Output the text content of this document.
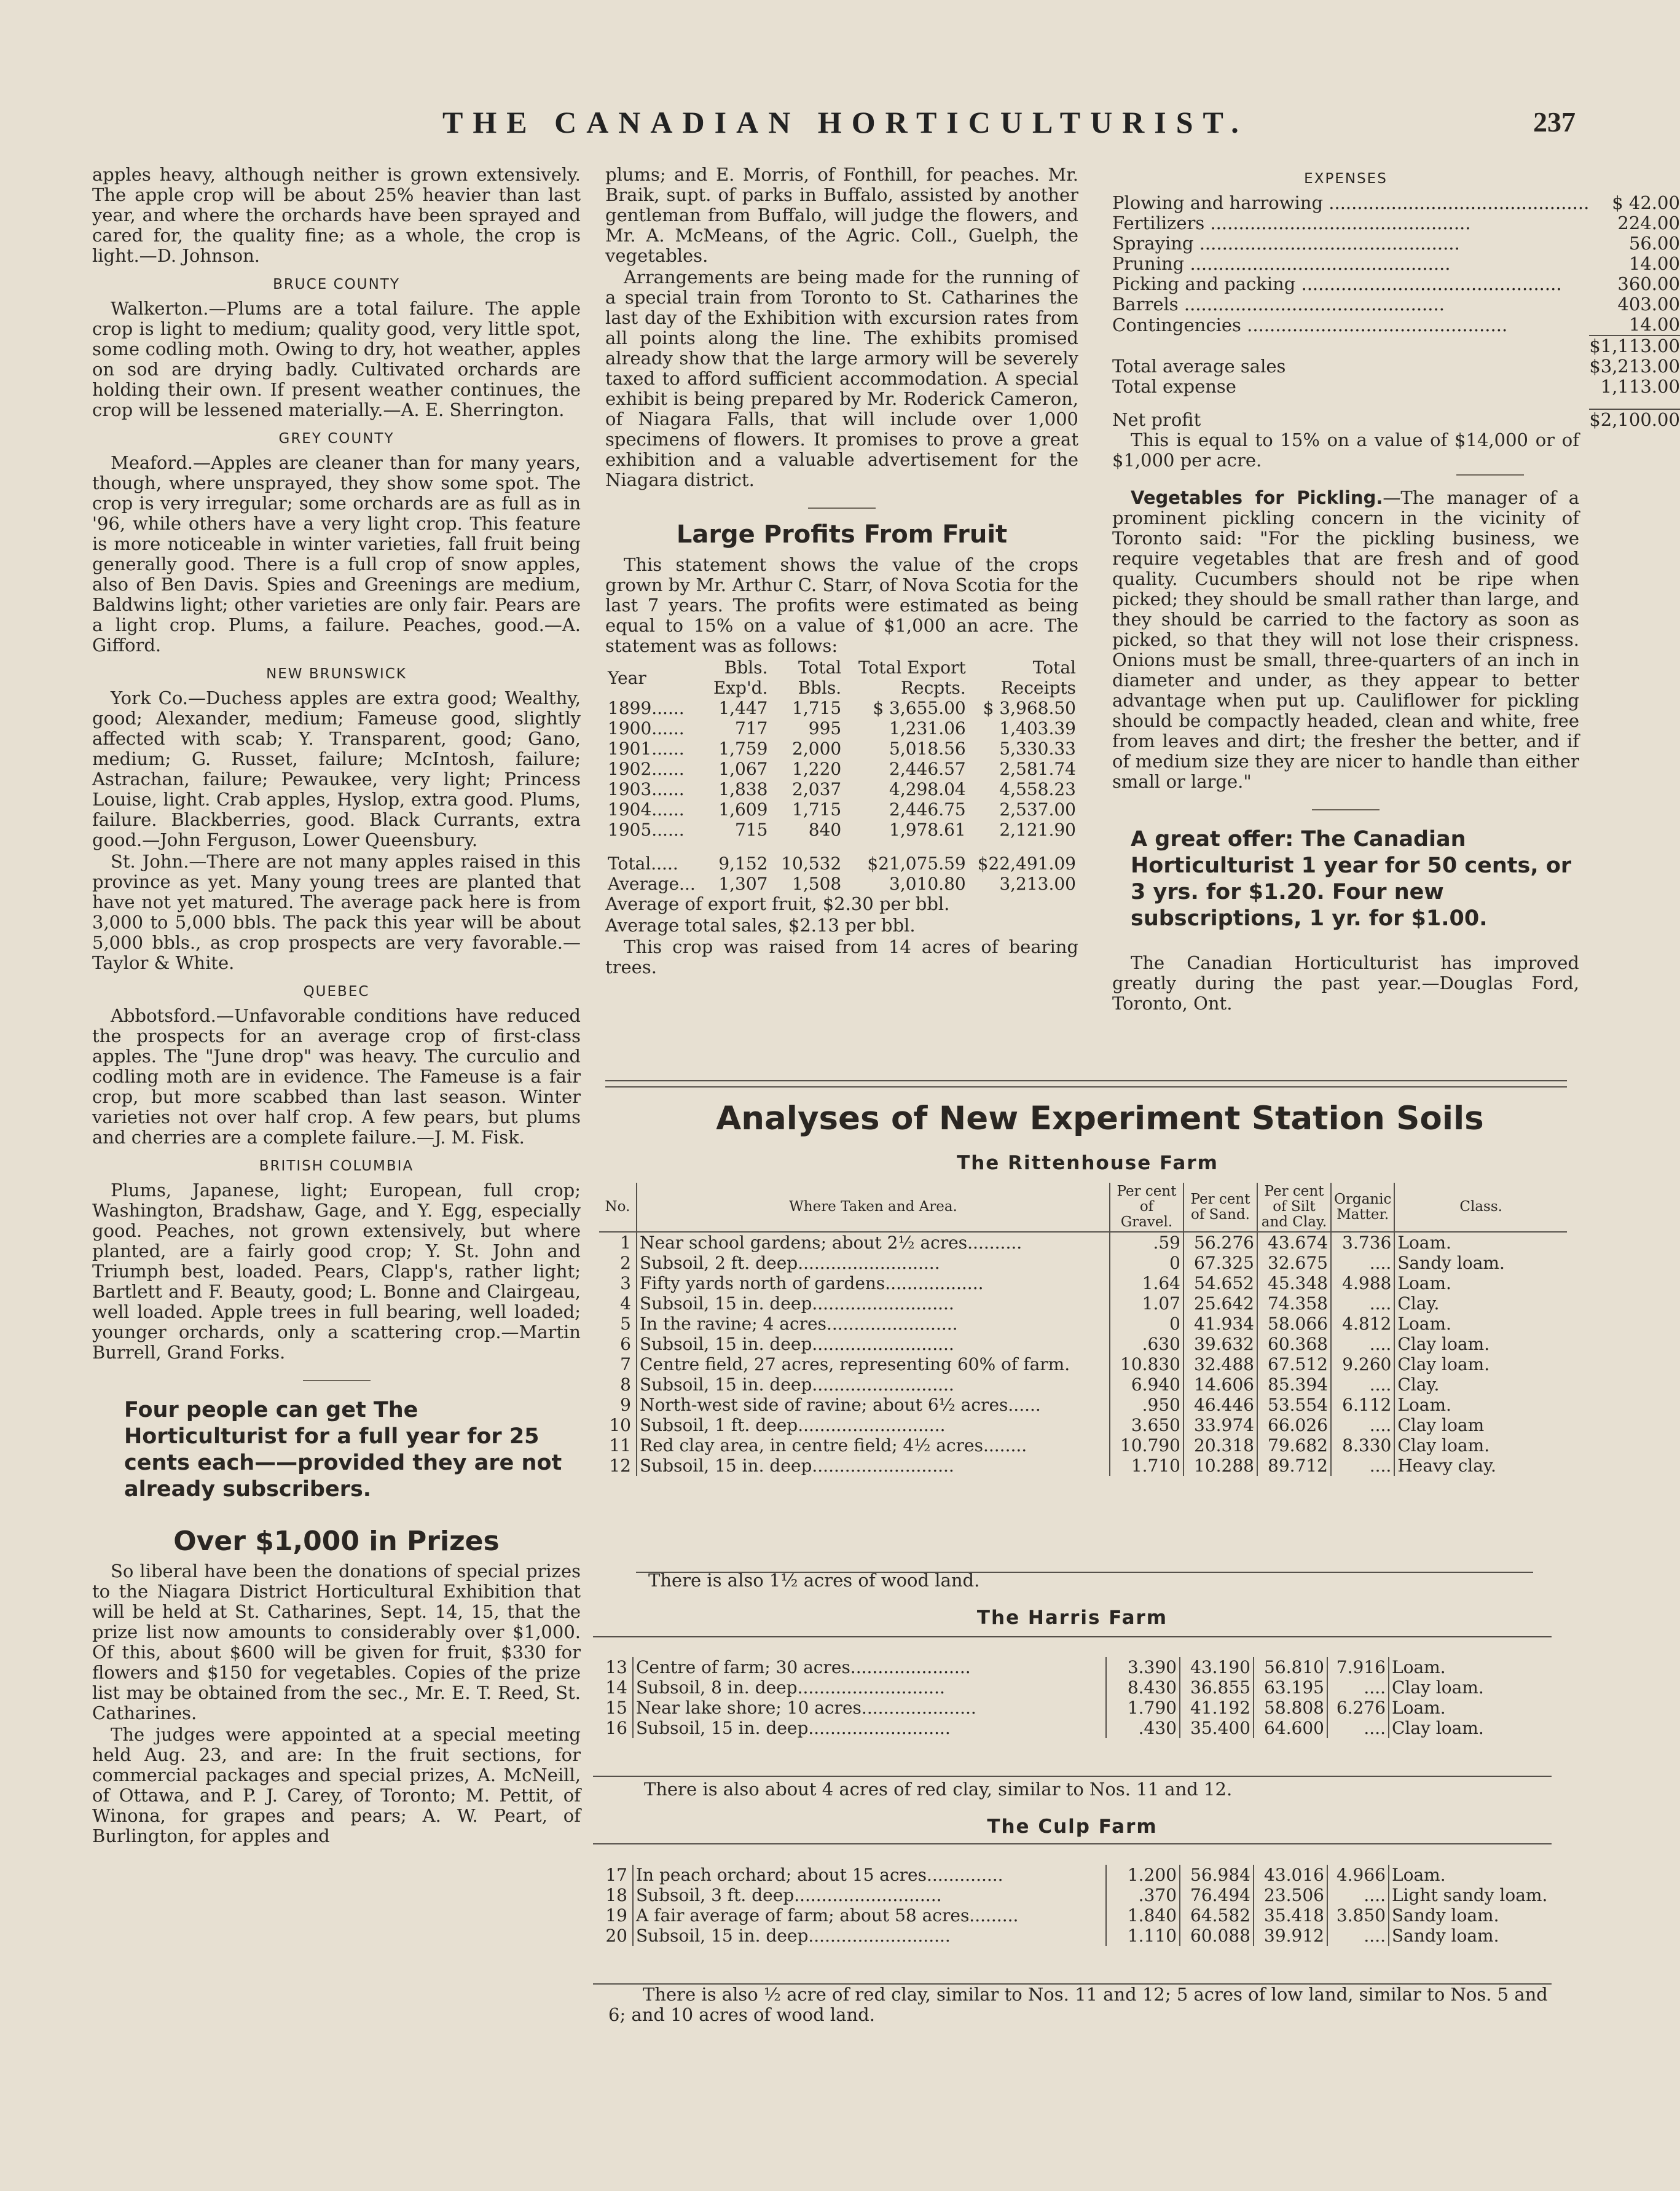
THE CANADIAN HORTICULTURIST.	237

apples heavy, although neither is grown extensively. The apple crop will be about 25% heavier than last year, and where the orchards have been sprayed and cared for, the quality fine; as a whole, the crop is light.—D. Johnson.

BRUCE COUNTY

Walkerton.—Plums are a total failure. The apple crop is light to medium; quality good, very little spot, some codling moth. Owing to dry, hot weather, apples on sod are drying badly. Cultivated orchards are holding their own. If present weather continues, the crop will be lessened materially.—A. E. Sherrington.

GREY COUNTY

Meaford.—Apples are cleaner than for many years, though, where unsprayed, they show some spot. The crop is very irregular; some orchards are as full as in '96, while others have a very light crop. This feature is more noticeable in winter varieties, fall fruit being generally good. There is a full crop of snow apples, also of Ben Davis. Spies and Greenings are medium, Baldwins light; other varieties are only fair. Pears are a light crop. Plums, a failure. Peaches, good.—A. Gifford.

NEW BRUNSWICK

York Co.—Duchess apples are extra good; Wealthy, good; Alexander, medium; Fameuse good, slightly affected with scab; Y. Transparent, good; Gano, medium; G. Russet, failure; McIntosh, failure; Astrachan, failure; Pewaukee, very light; Princess Louise, light. Crab apples, Hyslop, extra good. Plums, failure. Blackberries, good. Black Currants, extra good.—John Ferguson, Lower Queensbury.

St. John.—There are not many apples raised in this province as yet. Many young trees are planted that have not yet matured. The average pack here is from 3,000 to 5,000 bbls. The pack this year will be about 5,000 bbls., as crop prospects are very favorable.—Taylor & White.

QUEBEC

Abbotsford.—Unfavorable conditions have reduced the prospects for an average crop of first-class apples. The "June drop" was heavy. The curculio and codling moth are in evidence. The Fameuse is a fair crop, but more scabbed than last season. Winter varieties not over half crop. A few pears, but plums and cherries are a complete failure.—J. M. Fisk.

BRITISH COLUMBIA

Plums, Japanese, light; European, full crop; Washington, Bradshaw, Gage, and Y. Egg, especially good. Peaches, not grown extensively, but where planted, are a fairly good crop; Y. St. John and Triumph best, loaded. Pears, Clapp's, rather light; Bartlett and F. Beauty, good; L. Bonne and Clairgeau, well loaded. Apple trees in full bearing, well loaded; younger orchards, only a scattering crop.—Martin Burrell, Grand Forks.

Four people can get The Horticulturist for a full year for 25 cents each——provided they are not already subscribers.
Over $1,000 in Prizes

So liberal have been the donations of special prizes to the Niagara District Horticultural Exhibition that will be held at St. Catharines, Sept. 14, 15, that the prize list now amounts to considerably over $1,000. Of this, about $600 will be given for fruit, $330 for flowers and $150 for vegetables. Copies of the prize list may be obtained from the sec., Mr. E. T. Reed, St. Catharines.

The judges were appointed at a special meeting held Aug. 23, and are: In the fruit sections, for commercial packages and special prizes, A. McNeill, of Ottawa, and P. J. Carey, of Toronto; M. Pettit, of Winona, for grapes and pears; A. W. Peart, of Burlington, for apples and

plums; and E. Morris, of Fonthill, for peaches. Mr. Braik, supt. of parks in Buffalo, assisted by another gentleman from Buffalo, will judge the flowers, and Mr. A. McMeans, of the Agric. Coll., Guelph, the vegetables.

Arrangements are being made for the running of a special train from Toronto to St. Catharines the last day of the Exhibition with excursion rates from all points along the line. The exhibits promised already show that the large armory will be severely taxed to afford sufficient accommodation. A special exhibit is being prepared by Mr. Roderick Cameron, of Niagara Falls, that will include over 1,000 specimens of flowers. It promises to prove a great exhibition and a valuable advertisement for the Niagara district.

Large Profits From Fruit

This statement shows the value of the crops grown by Mr. Arthur C. Starr, of Nova Scotia for the last 7 years. The profits were estimated as being equal to 15% on a value of $1,000 an acre. The statement was as follows:

Year	Bbls. Exp'd.	Total Bbls.	Total Export Recpts.	Total Receipts
1899......	1,447	1,715	$ 3,655.00	$ 3,968.50
1900......	717	995	1,231.06	1,403.39
1901......	1,759	2,000	5,018.56	5,330.33
1902......	1,067	1,220	2,446.57	2,581.74
1903......	1,838	2,037	4,298.04	4,558.23
1904......	1,609	1,715	2,446.75	2,537.00
1905......	715	840	1,978.61	2,121.90

Total.....	9,152	10,532	$21,075.59	$22,491.09
Average...	1,307	1,508	3,010.80	3,213.00

Average of export fruit, $2.30 per bbl.

Average total sales, $2.13 per bbl.

This crop was raised from 14 acres of bearing trees.

EXPENSES
Plowing and harrowing ..............................................	$ 42.00
Fertilizers ..............................................	224.00
Spraying ..............................................	56.00
Pruning ..............................................	14.00
Picking and packing ..............................................	360.00
Barrels ..............................................	403.00
Contingencies ..............................................	14.00
	$1,113.00
Total average sales	$3,213.00
Total expense	1,113.00

Net profit	$2,100.00

This is equal to 15% on a value of $14,000 or of $1,000 per acre.

Vegetables for Pickling.—The manager of a prominent pickling concern in the vicinity of Toronto said: "For the pickling business, we require vegetables that are fresh and of good quality. Cucumbers should not be ripe when picked; they should be small rather than large, and they should be carried to the factory as soon as picked, so that they will not lose their crispness. Onions must be small, three-quarters of an inch in diameter and under, as they appear to better advantage when put up. Cauliflower for pickling should be compactly headed, clean and white, free from leaves and dirt; the fresher the better, and if of medium size they are nicer to handle than either small or large."

A great offer: The Canadian Horticulturist 1 year for 50 cents, or 3 yrs. for $1.20. Four new subscriptions, 1 yr. for $1.00.

The Canadian Horticulturist has improved greatly during the past year.—Douglas Ford, Toronto, Ont.

Analyses of New Experiment Station Soils
The Rittenhouse Farm
No.	Where Taken and Area.	Per cent of Gravel.	Per cent of Sand.	Per cent of Silt and Clay.	Organic Matter.	Class.
1	Near school gardens; about 2½ acres..........	.59	56.276	43.674	3.736	Loam.
2	Subsoil, 2 ft. deep..........................	0	67.325	32.675	....	Sandy loam.
3	Fifty yards north of gardens..................	1.64	54.652	45.348	4.988	Loam.
4	Subsoil, 15 in. deep..........................	1.07	25.642	74.358	....	Clay.
5	In the ravine; 4 acres........................	0	41.934	58.066	4.812	Loam.
6	Subsoil, 15 in. deep..........................	.630	39.632	60.368	....	Clay loam.
7	Centre field, 27 acres, representing 60% of farm.	10.830	32.488	67.512	9.260	Clay loam.
8	Subsoil, 15 in. deep..........................	6.940	14.606	85.394	....	Clay.
9	North-west side of ravine; about 6½ acres......	.950	46.446	53.554	6.112	Loam.
10	Subsoil, 1 ft. deep...........................	3.650	33.974	66.026	....	Clay loam
11	Red clay area, in centre field; 4½ acres........	10.790	20.318	79.682	8.330	Clay loam.
12	Subsoil, 15 in. deep..........................	1.710	10.288	89.712	....	Heavy clay.
There is also 1½ acres of wood land.
The Harris Farm
13	Centre of farm; 30 acres......................	3.390	43.190	56.810	7.916	Loam.
14	Subsoil, 8 in. deep...........................	8.430	36.855	63.195	....	Clay loam.
15	Near lake shore; 10 acres.....................	1.790	41.192	58.808	6.276	Loam.
16	Subsoil, 15 in. deep..........................	.430	35.400	64.600	....	Clay loam.
There is also about 4 acres of red clay, similar to Nos. 11 and 12.
The Culp Farm
17	In peach orchard; about 15 acres..............	1.200	56.984	43.016	4.966	Loam.
18	Subsoil, 3 ft. deep...........................	.370	76.494	23.506	....	Light sandy loam.
19	A fair average of farm; about 58 acres.........	1.840	64.582	35.418	3.850	Sandy loam.
20	Subsoil, 15 in. deep..........................	1.110	60.088	39.912	....	Sandy loam.
There is also ½ acre of red clay, similar to Nos. 11 and 12; 5 acres of low land, similar to Nos. 5 and 6; and 10 acres of wood land.
